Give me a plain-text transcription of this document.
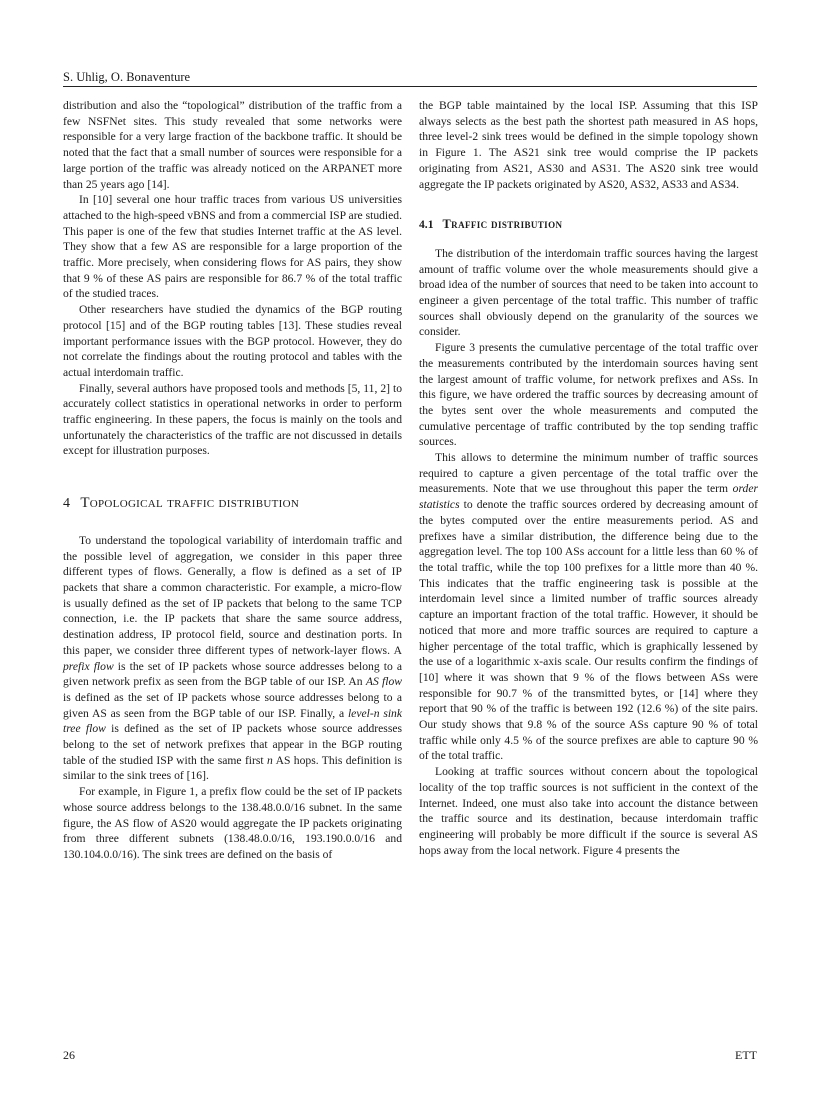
S. Uhlig, O. Bonaventure

distribution and also the “topological” distribution of the traffic from a few NSFNet sites. This study revealed that some networks were responsible for a very large fraction of the backbone traffic. It should be noted that the fact that a small number of sources were responsible for a large portion of the traffic was already noticed on the ARPANET more than 25 years ago [14].

In [10] several one hour traffic traces from various US universities attached to the high-speed vBNS and from a commercial ISP are studied. This paper is one of the few that studies Internet traffic at the AS level. They show that a few AS are responsible for a large proportion of the traffic. More precisely, when considering flows for AS pairs, they show that 9 % of these AS pairs are responsible for 86.7 % of the total traffic of the studied traces.

Other researchers have studied the dynamics of the BGP routing protocol [15] and of the BGP routing tables [13]. These studies reveal important performance issues with the BGP protocol. However, they do not correlate the findings about the routing protocol and tables with the actual interdomain traffic.

Finally, several authors have proposed tools and methods [5, 11, 2] to accurately collect statistics in operational networks in order to perform traffic engineering. In these papers, the focus is mainly on the tools and unfortunately the characteristics of the traffic are not discussed in details except for illustration purposes.

4 Topological traffic distribution

To understand the topological variability of interdomain traffic and the possible level of aggregation, we consider in this paper three different types of flows. Generally, a flow is defined as a set of IP packets that share a common characteristic. For example, a micro-flow is usually defined as the set of IP packets that belong to the same TCP connection, i.e. the IP packets that share the same source address, destination address, IP protocol field, source and destination ports. In this paper, we consider three different types of network-layer flows. A prefix flow is the set of IP packets whose source addresses belong to a given network prefix as seen from the BGP table of our ISP. An AS flow is defined as the set of IP packets whose source addresses belong to a given AS as seen from the BGP table of our ISP. Finally, a level-n sink tree flow is defined as the set of IP packets whose source addresses belong to the set of network prefixes that appear in the BGP routing table of the studied ISP with the same first n AS hops. This definition is similar to the sink trees of [16].

For example, in Figure 1, a prefix flow could be the set of IP packets whose source address belongs to the 138.48.0.0/16 subnet. In the same figure, the AS flow of AS20 would aggregate the IP packets originating from three different subnets (138.48.0.0/16, 193.190.0.0/16 and 130.104.0.0/16). The sink trees are defined on the basis of

the BGP table maintained by the local ISP. Assuming that this ISP always selects as the best path the shortest path measured in AS hops, three level-2 sink trees would be defined in the simple topology shown in Figure 1. The AS21 sink tree would comprise the IP packets originating from AS21, AS30 and AS31. The AS20 sink tree would aggregate the IP packets originated by AS20, AS32, AS33 and AS34.

4.1 Traffic distribution

The distribution of the interdomain traffic sources having the largest amount of traffic volume over the whole measurements should give a broad idea of the number of sources that need to be taken into account to engineer a given percentage of the total traffic. This number of traffic sources shall obviously depend on the granularity of the sources we consider.

Figure 3 presents the cumulative percentage of the total traffic over the measurements contributed by the interdomain sources having sent the largest amount of traffic volume, for network prefixes and ASs. In this figure, we have ordered the traffic sources by decreasing amount of the bytes sent over the whole measurements and computed the cumulative percentage of traffic contributed by the top sending traffic sources.

This allows to determine the minimum number of traffic sources required to capture a given percentage of the total traffic over the measurements. Note that we use throughout this paper the term order statistics to denote the traffic sources ordered by decreasing amount of the bytes computed over the entire measurements period. AS and prefixes have a similar distribution, the difference being due to the aggregation level. The top 100 ASs account for a little less than 60 % of the total traffic, while the top 100 prefixes for a little more than 40 %. This indicates that the traffic engineering task is possible at the interdomain level since a limited number of traffic sources already capture an important fraction of the total traffic. However, it should be noticed that more and more traffic sources are required to capture a higher percentage of the total traffic, which is graphically lessened by the use of a logarithmic x-axis scale. Our results confirm the findings of [10] where it was shown that 9 % of the flows between ASs were responsible for 90.7 % of the transmitted bytes, or [14] where they report that 90 % of the traffic is between 192 (12.6 %) of the site pairs. Our study shows that 9.8 % of the source ASs capture 90 % of total traffic while only 4.5 % of the source prefixes are able to capture 90 % of the total traffic.

Looking at traffic sources without concern about the topological locality of the top traffic sources is not sufficient in the context of the Internet. Indeed, one must also take into account the distance between the traffic source and its destination, because interdomain traffic engineering will probably be more difficult if the source is several AS hops away from the local network. Figure 4 presents the

26	ETT
